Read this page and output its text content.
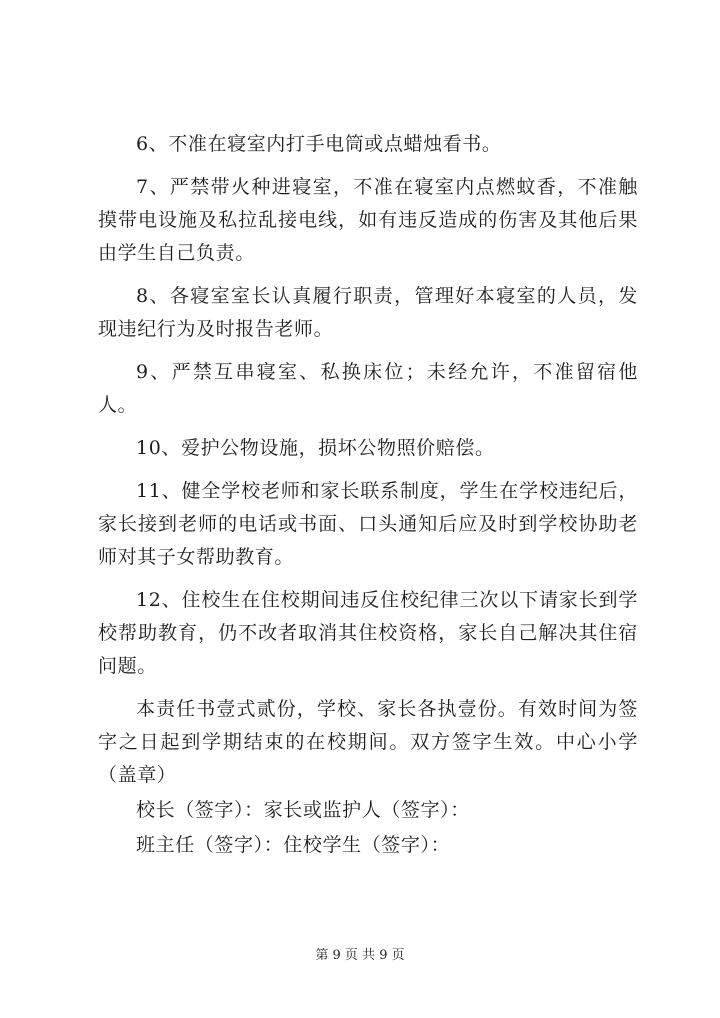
6、不准在寝室内打手电筒或点蜡烛看书。

7、严禁带火种进寝室，不准在寝室内点燃蚊香，不准触摸带电设施及私拉乱接电线，如有违反造成的伤害及其他后果由学生自己负责。

8、各寝室室长认真履行职责，管理好本寝室的人员，发现违纪行为及时报告老师。

9、严禁互串寝室、私换床位；未经允许，不准留宿他人。

10、爱护公物设施，损坏公物照价赔偿。

11、健全学校老师和家长联系制度，学生在学校违纪后，家长接到老师的电话或书面、口头通知后应及时到学校协助老师对其子女帮助教育。

12、住校生在住校期间违反住校纪律三次以下请家长到学校帮助教育，仍不改者取消其住校资格，家长自己解决其住宿问题。

本责任书壹式贰份，学校、家长各执壹份。有效时间为签字之日起到学期结束的在校期间。双方签字生效。中心小学（盖章）

校长（签字）：家长或监护人（签字）：

班主任（签字）：住校学生（签字）：

第 9 页 共 9 页
